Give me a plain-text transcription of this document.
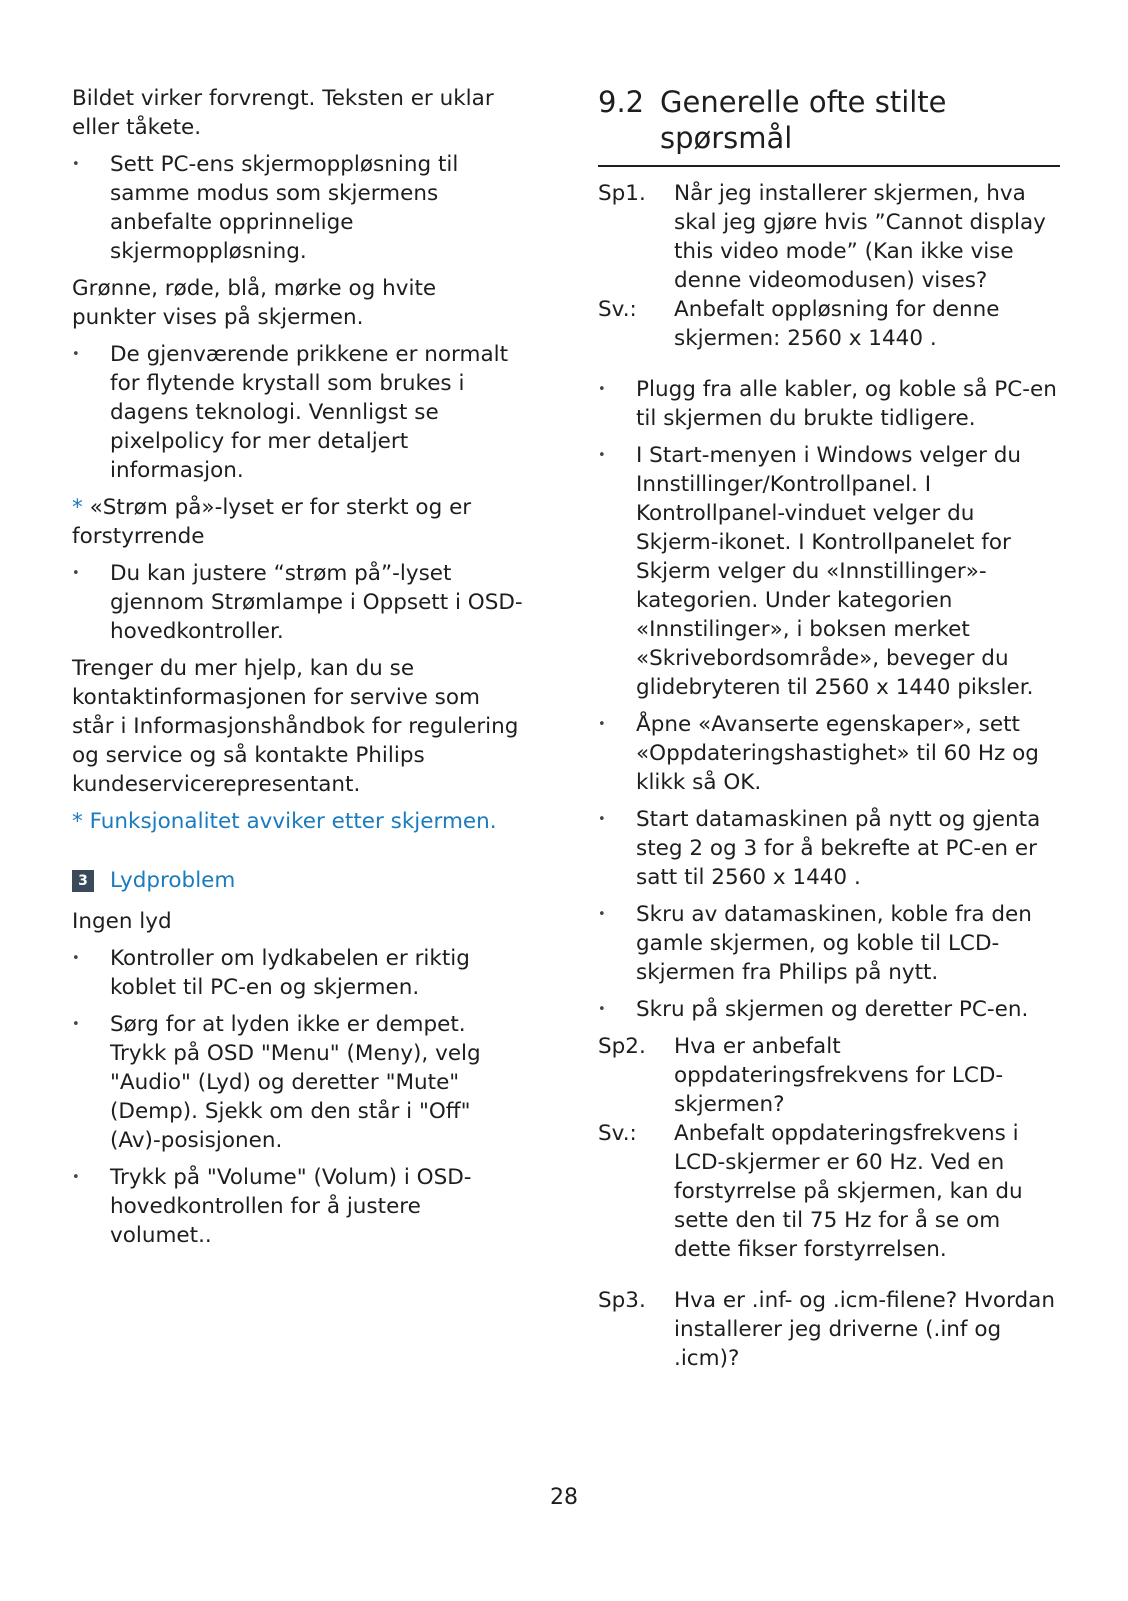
Bildet virker forvrengt. Teksten er uklar eller tåkete.

• Sett PC-ens skjermoppløsning til samme modus som skjermens anbefalte opprinnelige skjermoppløsning.

Grønne, røde, blå, mørke og hvite punkter vises på skjermen.

• De gjenværende prikkene er normalt for flytende krystall som brukes i dagens teknologi. Vennligst se pixelpolicy for mer detaljert informasjon.

* «Strøm på»-lyset er for sterkt og er forstyrrende

• Du kan justere “strøm på”-lyset gjennom Strømlampe i Oppsett i OSD-hovedkontroller.

Trenger du mer hjelp, kan du se kontaktinformasjonen for servive som står i Informasjonshåndbok for regulering og service og så kontakte Philips kundeservicerepresentant.

* Funksjonalitet avviker etter skjermen.

3 Lydproblem

Ingen lyd

• Kontroller om lydkabelen er riktig koblet til PC-en og skjermen.
• Sørg for at lyden ikke er dempet. Trykk på OSD "Menu" (Meny), velg "Audio" (Lyd) og deretter "Mute" (Demp). Sjekk om den står i "Off" (Av)-posisjonen.
• Trykk på "Volume" (Volum) i OSD-hovedkontrollen for å justere volumet..
9.2 Generelle ofte stilte spørsmål
Sp1.	Når jeg installerer skjermen, hva skal jeg gjøre hvis ”Cannot display this video mode” (Kan ikke vise denne videomodusen) vises?
Sv.:	Anbefalt oppløsning for denne skjermen: 2560 x 1440 .
• Plugg fra alle kabler, og koble så PC-en til skjermen du brukte tidligere.
• I Start-menyen i Windows velger du Innstillinger/Kontrollpanel. I Kontrollpanel-vinduet velger du Skjerm-ikonet. I Kontrollpanelet for Skjerm velger du «Innstillinger»-kategorien. Under kategorien «Innstilinger», i boksen merket «Skrivebordsområde», beveger du glidebryteren til 2560 x 1440 piksler.
• Åpne «Avanserte egenskaper», sett «Oppdateringshastighet» til 60 Hz og klikk så OK.
• Start datamaskinen på nytt og gjenta steg 2 og 3 for å bekrefte at PC-en er satt til 2560 x 1440 .
• Skru av datamaskinen, koble fra den gamle skjermen, og koble til LCD-skjermen fra Philips på nytt.
• Skru på skjermen og deretter PC-en.
Sp2.	Hva er anbefalt oppdateringsfrekvens for LCD-skjermen?
Sv.:	Anbefalt oppdateringsfrekvens i LCD-skjermer er 60 Hz. Ved en forstyrrelse på skjermen, kan du sette den til 75 Hz for å se om dette fikser forstyrrelsen.
Sp3.	Hva er .inf- og .icm-filene? Hvordan installerer jeg driverne (.inf og .icm)?
28
